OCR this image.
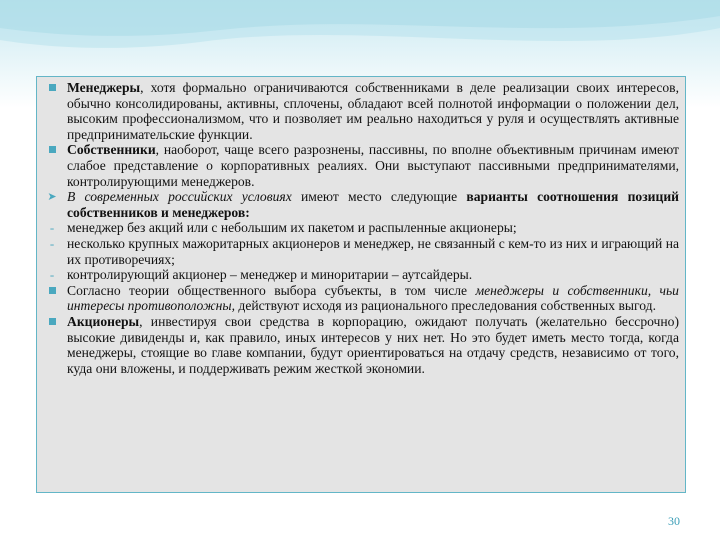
Менеджеры, хотя формально ограничиваются собственниками в деле реализации своих интересов, обычно консолидированы, активны, сплочены, обладают всей полнотой информации о положении дел, высоким профессионализмом, что и позволяет им реально находиться у руля и осуществлять активные предпринимательские функции.
Собственники, наоборот, чаще всего разрознены, пассивны, по вполне объективным причинам имеют слабое представление о корпоративных реалиях. Они выступают пассивными предпринимателями, контролирующими менеджеров.
➤ В современных российских условиях имеют место следующие варианты соотношения позиций собственников и менеджеров:
- менеджер без акций или с небольшим их пакетом и распыленные акционеры;
- несколько крупных мажоритарных акционеров и менеджер, не связанный с кем-то из них и играющий на их противоречиях;
- контролирующий акционер – менеджер и миноритарии – аутсайдеры.
Согласно теории общественного выбора субъекты, в том числе менеджеры и собственники, чьи интересы противоположны, действуют исходя из рационального преследования собственных выгод.
Акционеры, инвестируя свои средства в корпорацию, ожидают получать (желательно бессрочно) высокие дивиденды и, как правило, иных интересов у них нет. Но это будет иметь место тогда, когда менеджеры, стоящие во главе компании, будут ориентироваться на отдачу средств, независимо от того, куда они вложены, и поддерживать режим жесткой экономии.
30
